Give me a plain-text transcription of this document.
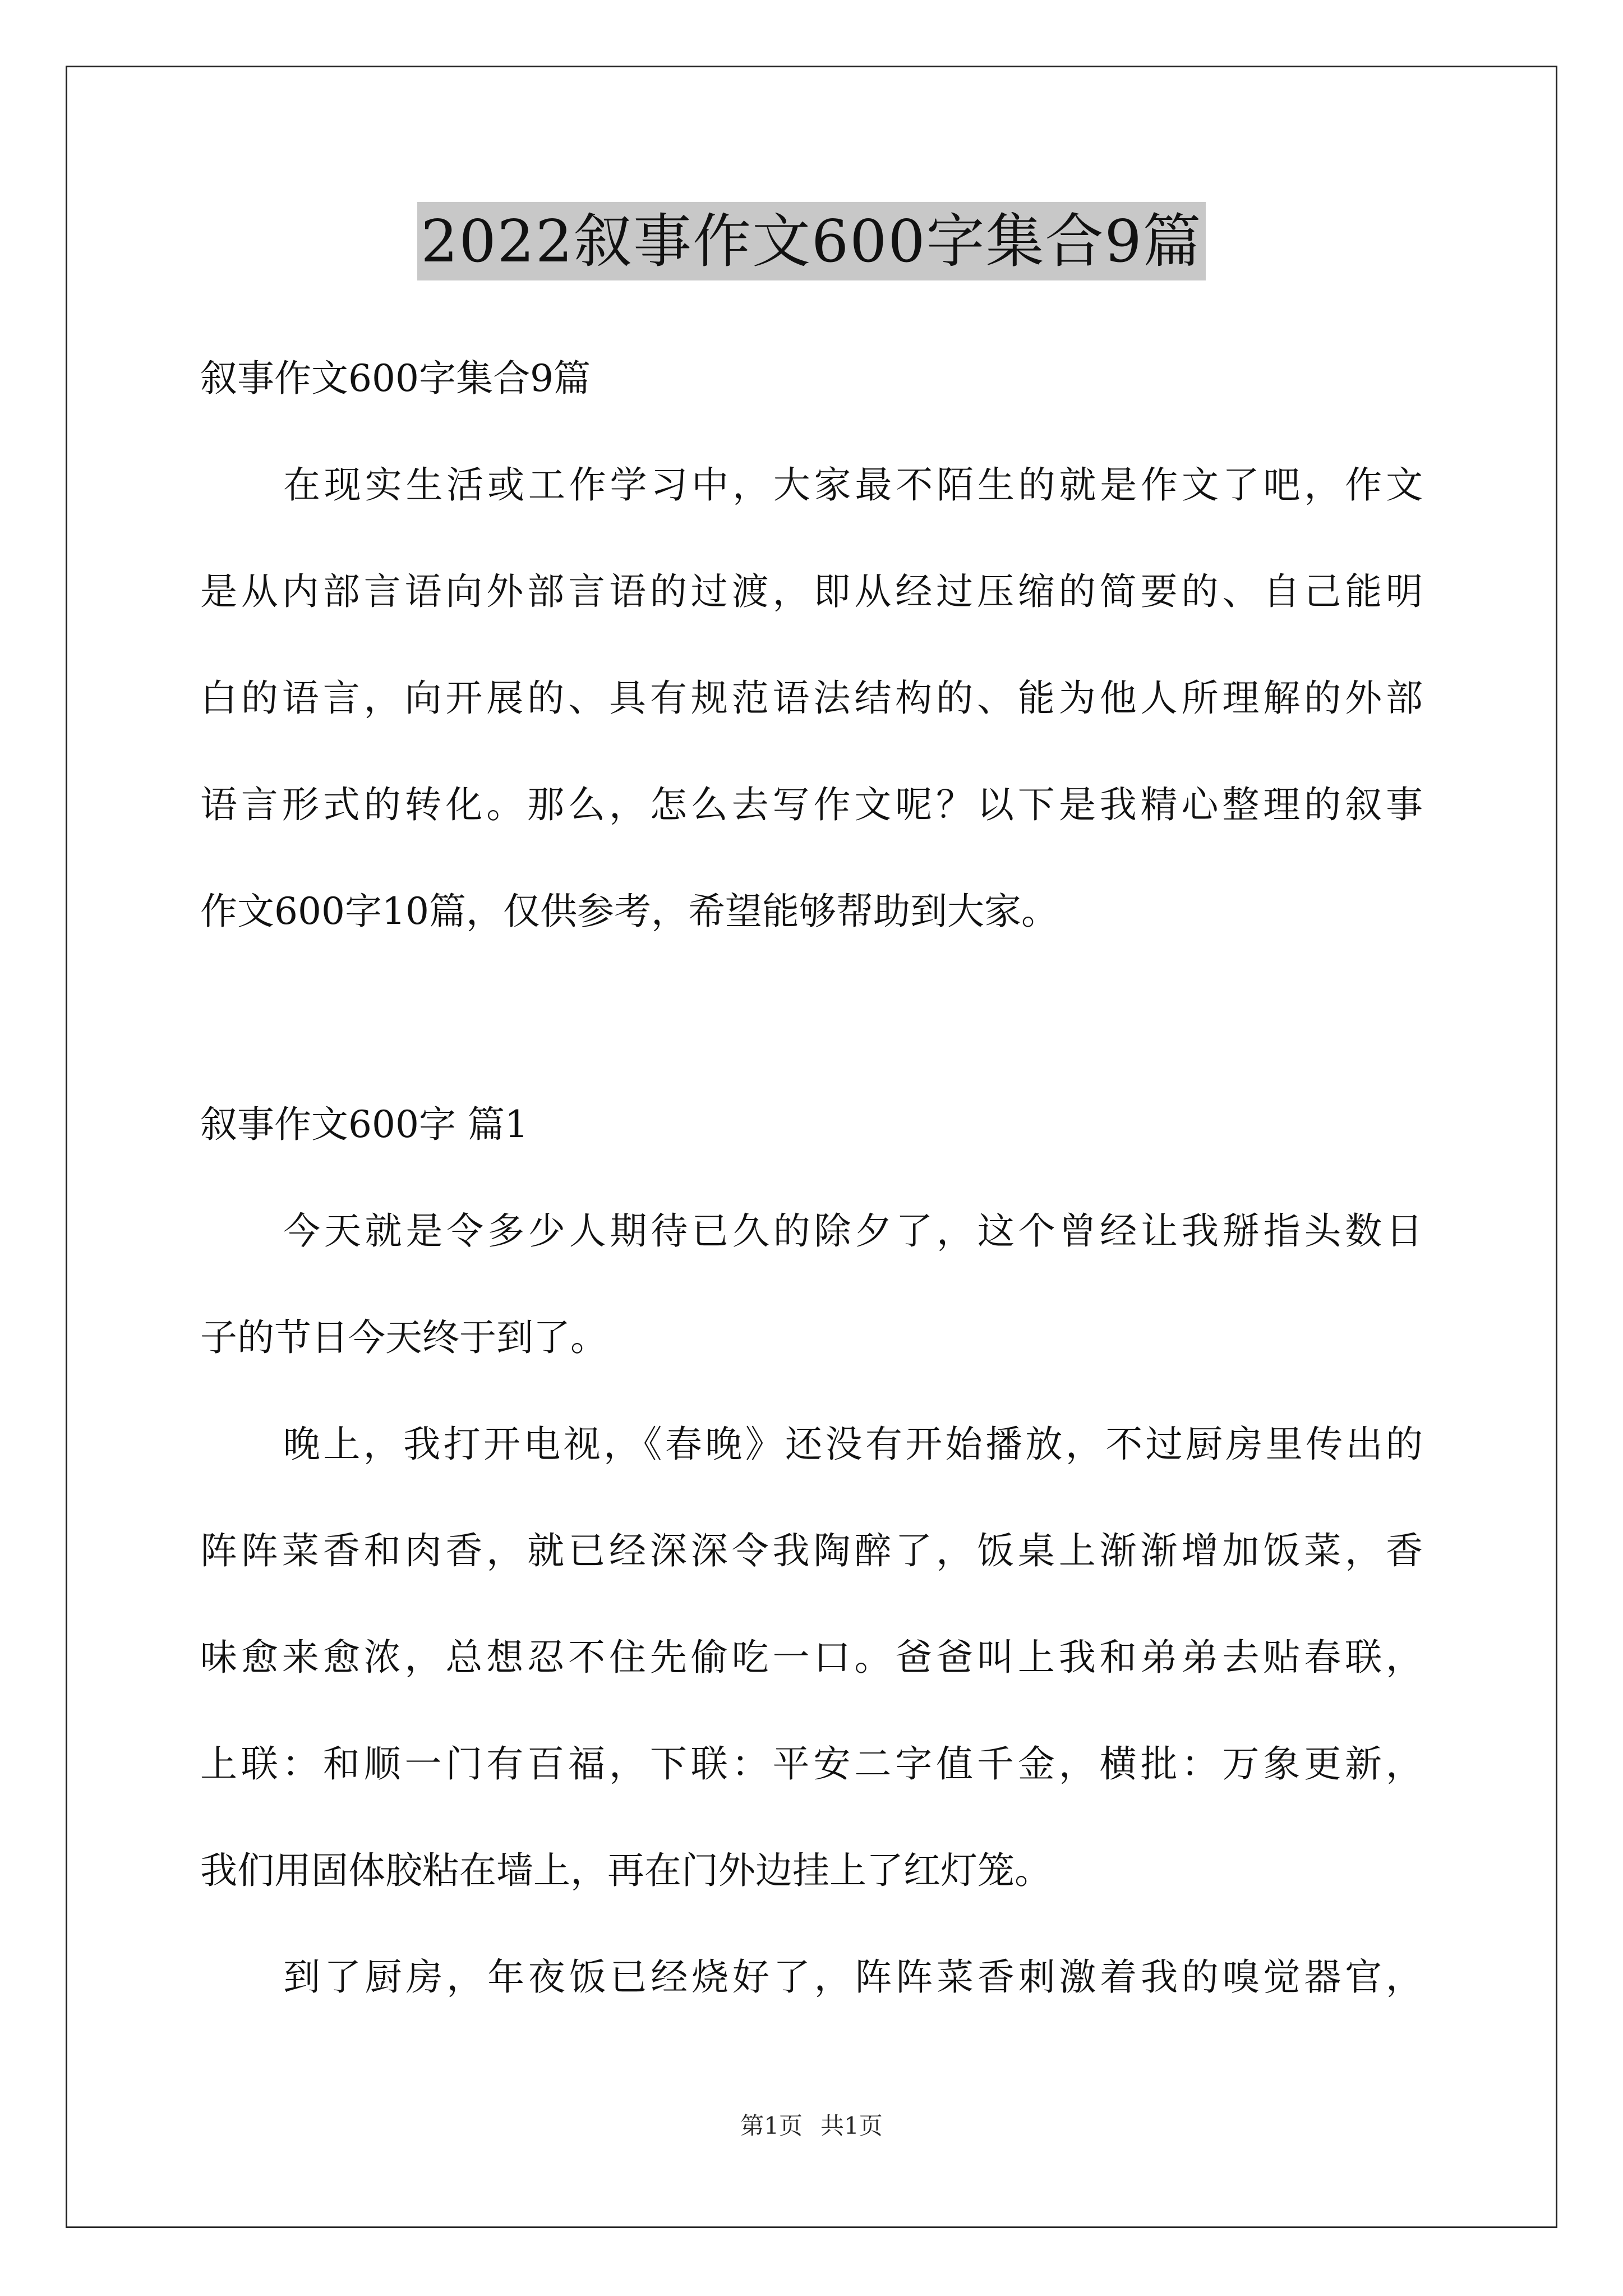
2022叙事作文600字集合9篇
叙事作文600字集合9篇
在现实生活或工作学习中，大家最不陌生的就是作文了吧，作文
是从内部言语向外部言语的过渡，即从经过压缩的简要的、自己能明
白的语言，向开展的、具有规范语法结构的、能为他人所理解的外部
语言形式的转化。那么，怎么去写作文呢？以下是我精心整理的叙事
作文600字10篇，仅供参考，希望能够帮助到大家。
叙事作文600字 篇1
今天就是令多少人期待已久的除夕了，这个曾经让我掰指头数日
子的节日今天终于到了。
晚上，我打开电视，《春晚》还没有开始播放，不过厨房里传出的
阵阵菜香和肉香，就已经深深令我陶醉了，饭桌上渐渐增加饭菜，香
味愈来愈浓，总想忍不住先偷吃一口。爸爸叫上我和弟弟去贴春联，
上联：和顺一门有百福，下联：平安二字值千金，横批：万象更新，
我们用固体胶粘在墙上，再在门外边挂上了红灯笼。
到了厨房，年夜饭已经烧好了，阵阵菜香刺激着我的嗅觉器官，
第1页 共1页
